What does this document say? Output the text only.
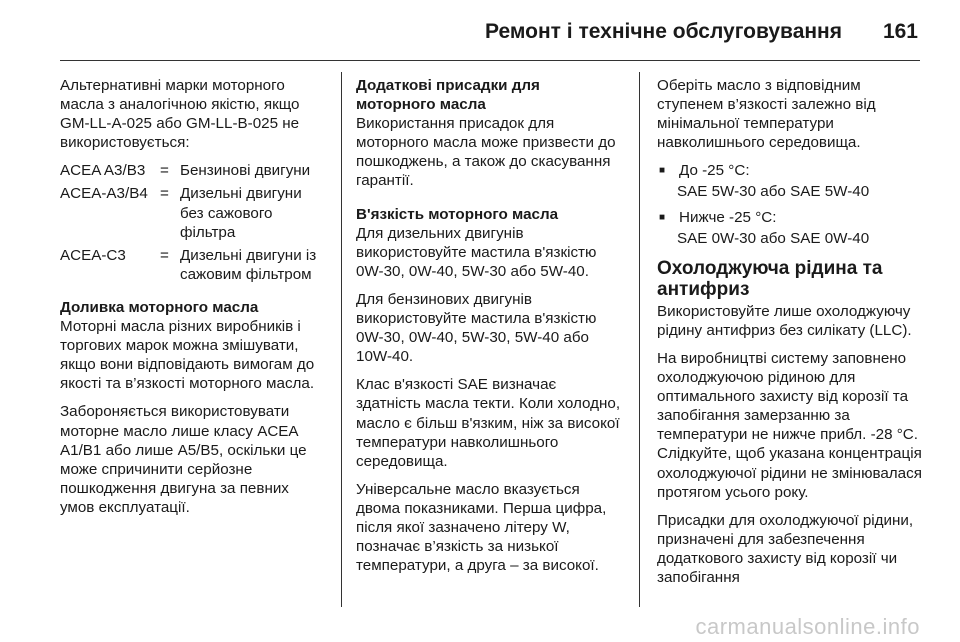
Ремонт і технічне обслуговування 161

Альтернативні марки моторного масла з аналогічною якістю, якщо GM-LL-A-025 або GM-LL-B-025 не використовується:

ACEA A3/B3 = Бензинові двигуни
ACEA-A3/B4 = Дизельні двигуни без сажового фільтра
ACEA-C3	= Дизельні двигуни із сажовим фільтром
Доливка моторного масла

Моторні масла різних виробників і торгових марок можна змішувати, якщо вони відповідають вимогам до якості та в’язкості моторного масла.

Забороняється використовувати моторне масло лише класу ACEA A1/B1 або лише A5/B5, оскільки це може спричинити серйозне пошкодження двигуна за певних умов експлуатації.

Додаткові присадки для моторного масла

Використання присадок для моторного масла може призвести до пошкоджень, а також до скасування гарантії.

В'язкість моторного масла

Для дизельних двигунів використовуйте мастила в'язкістю 0W-30, 0W-40, 5W-30 або 5W-40.

Для бензинових двигунів використовуйте мастила в'язкістю 0W-30, 0W-40, 5W-30, 5W-40 або 10W-40.

Клас в'язкості SAE визначає здатність масла текти. Коли холодно, масло є більш в'язким, ніж за високої температури навколишнього середовища.

Універсальне масло вказується двома показниками. Перша цифра, після якої зазначено літеру W, позначає в’язкість за низької температури, а друга – за високої.

Оберіть масло з відповідним ступенем в’язкості залежно від мінімальної температури навколишнього середовища.

■ До -25 °C:
SAE 5W-30 або SAE 5W-40
■ Нижче -25 °C:
SAE 0W-30 або SAE 0W-40
Охолоджуюча рідина та антифриз

Використовуйте лише охолоджуючу рідину антифриз без силікату (LLC).

На виробництві систему заповнено охолоджуючою рідиною для оптимального захисту від корозії та запобігання замерзанню за температури не нижче прибл. -28 °C. Слідкуйте, щоб указана концентрація охолоджуючої рідини не змінювалася протягом усього року.

Присадки для охолоджуючої рідини, призначені для забезпечення додаткового захисту від корозії чи запобігання

carmanualsonline.info
